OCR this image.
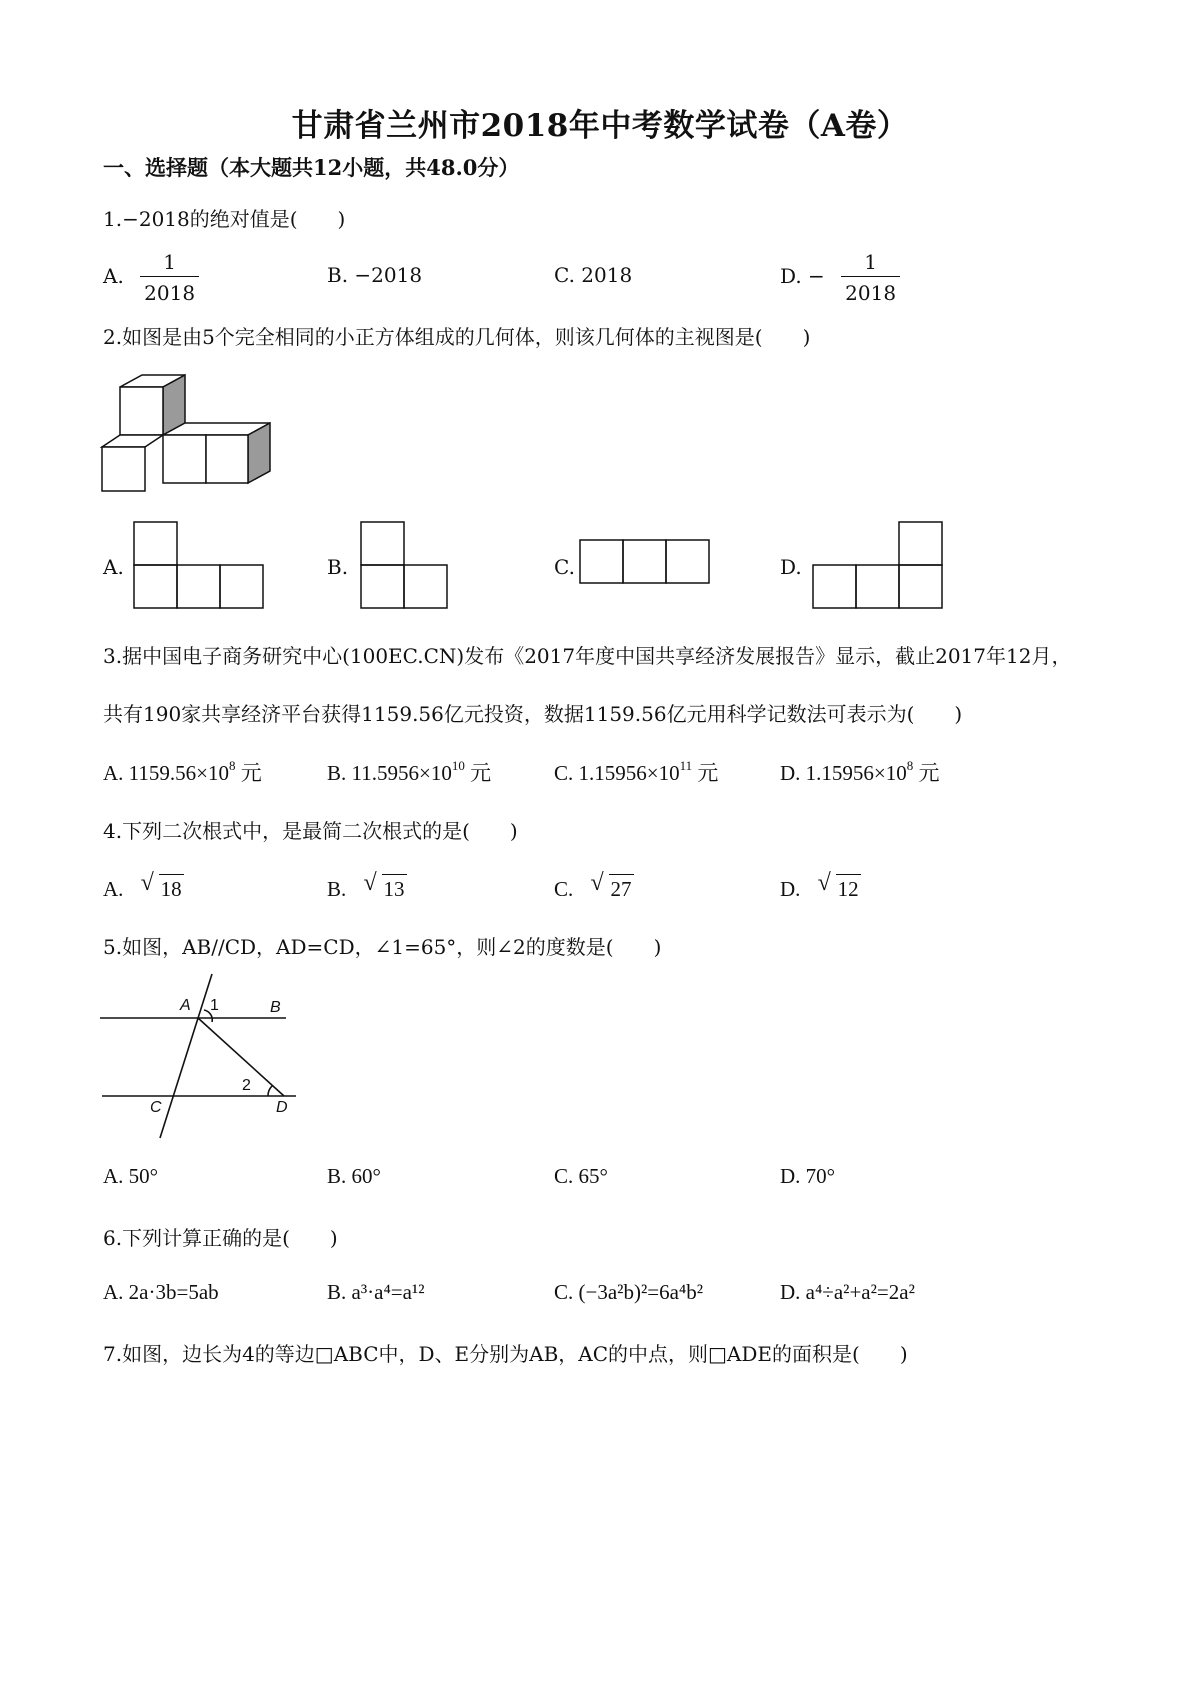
甘肃省兰州市2018年中考数学试卷（A卷）
一、选择题（本大题共12小题，共48.0分）
1.−2018的绝对值是(　　)
A. $\frac{1}{2018}$	B. −2018	C. 2018	D. − $\frac{1}{2018}$
2.如图是由5个完全相同的小正方体组成的几何体，则该几何体的主视图是(　　)
A.	B.	C.	D.
3.据中国电子商务研究中心(100EC.CN)发布《2017年度中国共享经济发展报告》显示，截止2017年12月，
共有190家共享经济平台获得1159.56亿元投资，数据1159.56亿元用科学记数法可表示为(　　)
A. $1159.56\times 10^8$ 元	B. $11.5956\times 10^{10}$ 元	C. $1.15956\times 10^{11}$ 元	D. $1.15956\times 10^8$ 元
4.下列二次根式中，是最简二次根式的是(　　)
A. √ 18	B. √ 13	C. √ 27	D. √ 12
5.如图，AB//CD，AD=CD，∠1=65°，则∠2的度数是(　　)
A	B
C	D
1
2
A. 50°	B. 60°	C. 65°	D. 70°
6.下列计算正确的是(　　)
A. 2a·3b=5ab	B. a³·a⁴=a¹²	C. (−3a²b)²=6a⁴b²	D. a⁴÷a²+a²=2a²
7.如图，边长为4的等边□ABC中，D、E分别为AB，AC的中点，则□ADE的面积是(　　)
